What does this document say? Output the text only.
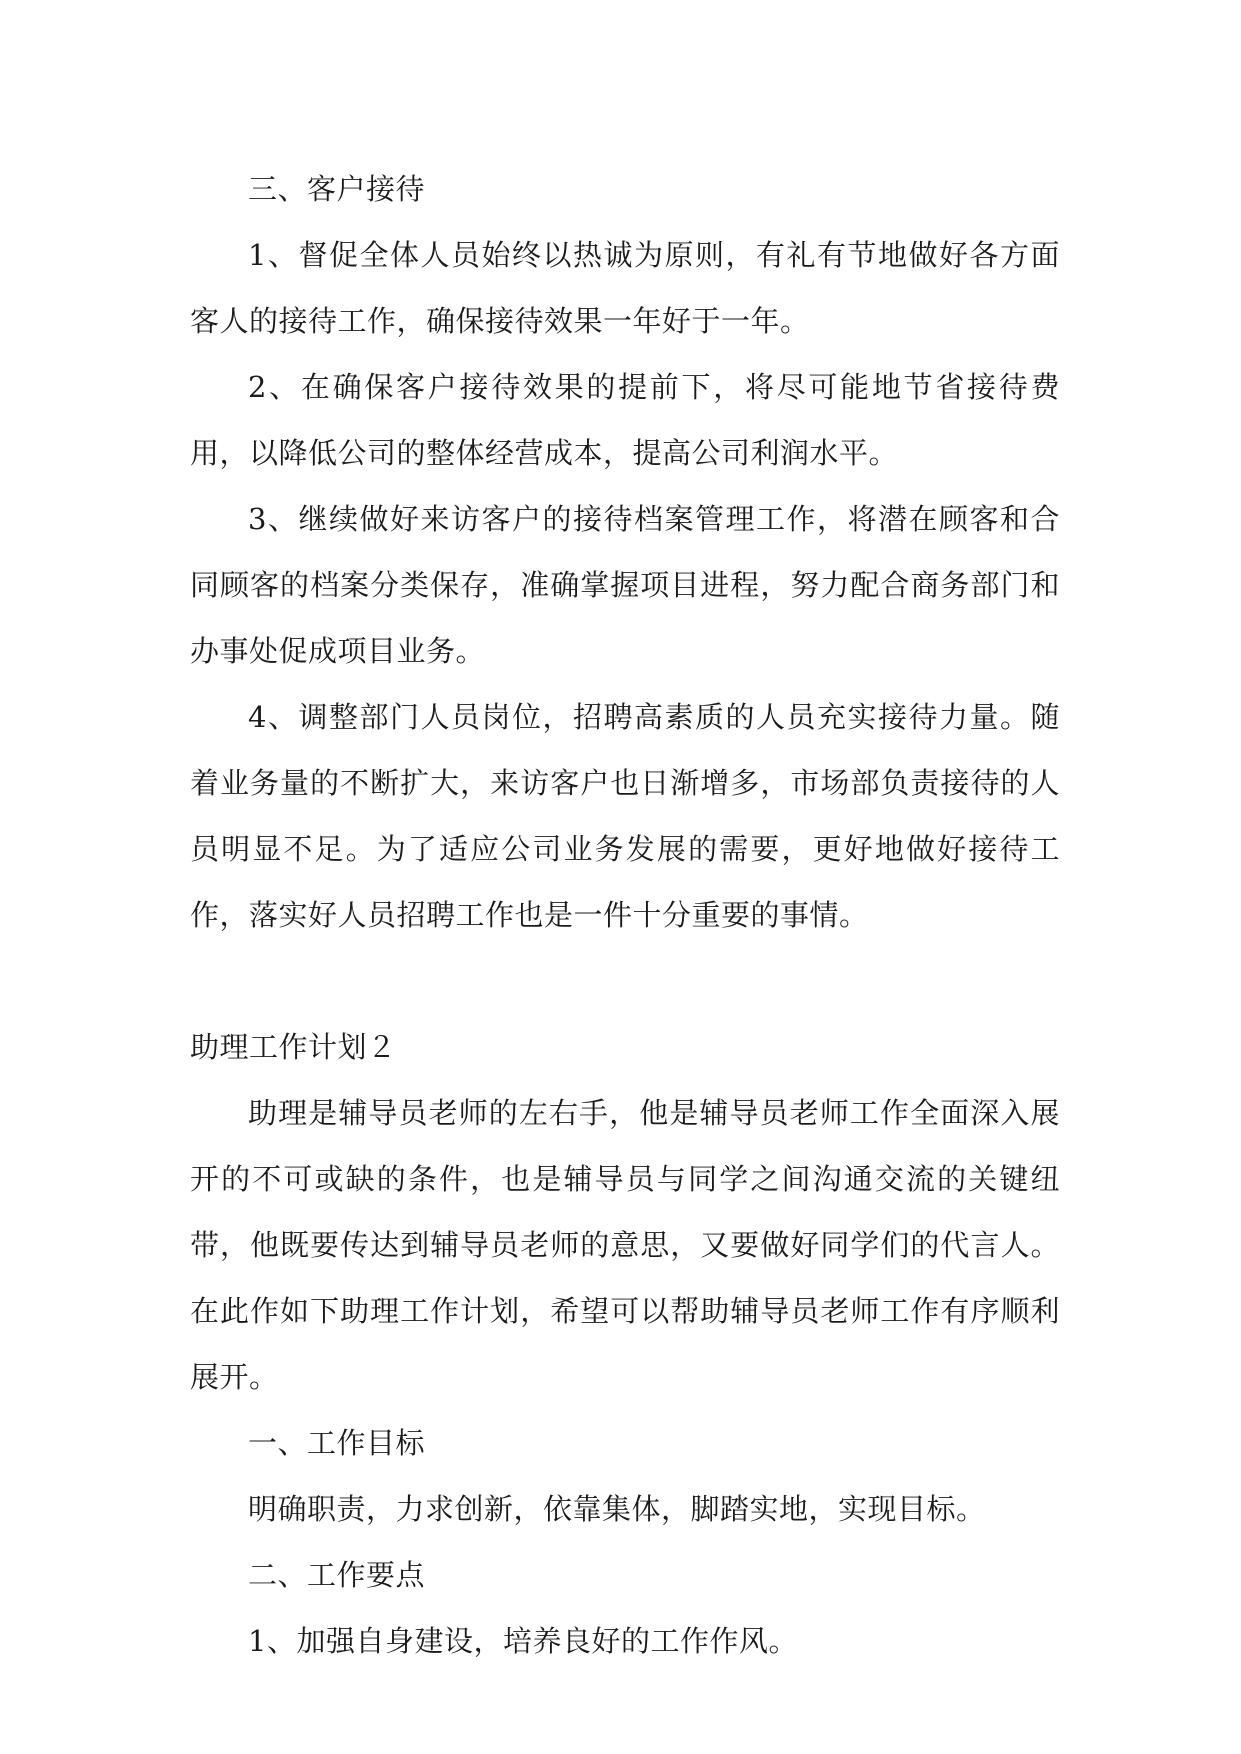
三、客户接待

1、督促全体人员始终以热诚为原则，有礼有节地做好各方面客人的接待工作，确保接待效果一年好于一年。

2、在确保客户接待效果的提前下，将尽可能地节省接待费用，以降低公司的整体经营成本，提高公司利润水平。

3、继续做好来访客户的接待档案管理工作，将潜在顾客和合同顾客的档案分类保存，准确掌握项目进程，努力配合商务部门和办事处促成项目业务。

4、调整部门人员岗位，招聘高素质的人员充实接待力量。随着业务量的不断扩大，来访客户也日渐增多，市场部负责接待的人员明显不足。为了适应公司业务发展的需要，更好地做好接待工作，落实好人员招聘工作也是一件十分重要的事情。

助理工作计划２

助理是辅导员老师的左右手，他是辅导员老师工作全面深入展开的不可或缺的条件，也是辅导员与同学之间沟通交流的关键纽带，他既要传达到辅导员老师的意思，又要做好同学们的代言人。在此作如下助理工作计划，希望可以帮助辅导员老师工作有序顺利展开。

一、工作目标

明确职责，力求创新，依靠集体，脚踏实地，实现目标。

二、工作要点

1、加强自身建设，培养良好的工作作风。
